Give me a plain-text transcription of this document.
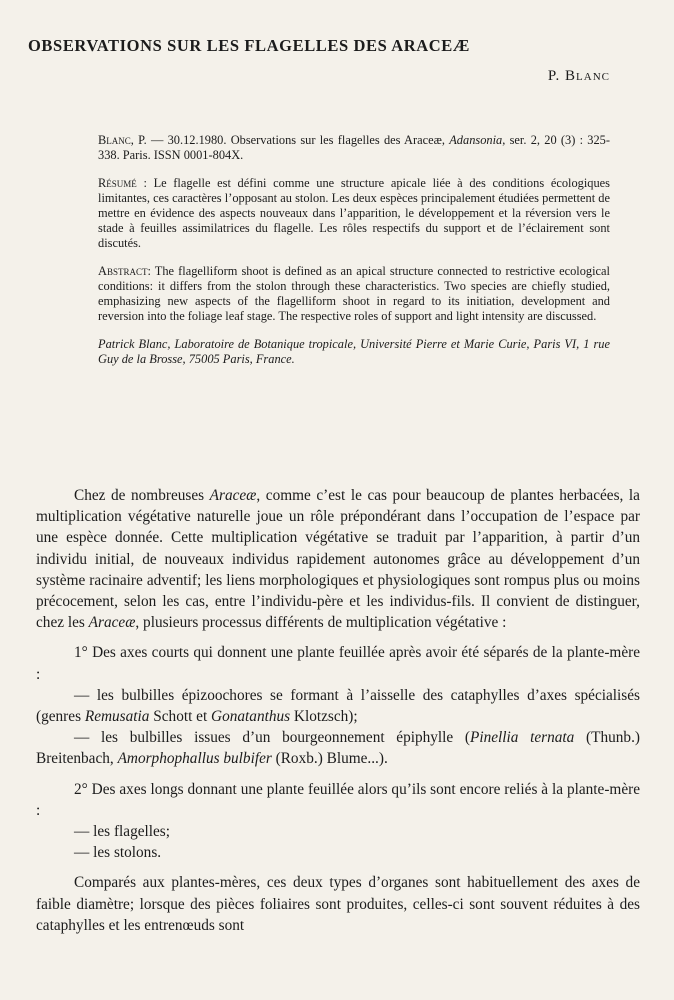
OBSERVATIONS SUR LES FLAGELLES DES ARACEÆ
P. Blanc

Blanc, P. — 30.12.1980. Observations sur les flagelles des Araceæ, Adansonia, ser. 2, 20 (3) : 325-338. Paris. ISSN 0001-804X.

Résumé : Le flagelle est défini comme une structure apicale liée à des conditions écologiques limitantes, ces caractères l’opposant au stolon. Les deux espèces principalement étudiées permettent de mettre en évidence des aspects nouveaux dans l’apparition, le développement et la réversion vers le stade à feuilles assimilatrices du flagelle. Les rôles respectifs du support et de l’éclairement sont discutés.

Abstract: The flagelliform shoot is defined as an apical structure connected to restrictive ecological conditions: it differs from the stolon through these characteristics. Two species are chiefly studied, emphasizing new aspects of the flagelliform shoot in regard to its initiation, development and reversion into the foliage leaf stage. The respective roles of support and light intensity are discussed.

Patrick Blanc, Laboratoire de Botanique tropicale, Université Pierre et Marie Curie, Paris VI, 1 rue Guy de la Brosse, 75005 Paris, France.

Chez de nombreuses Araceæ, comme c’est le cas pour beaucoup de plantes herbacées, la multiplication végétative naturelle joue un rôle prépondérant dans l’occupation de l’espace par une espèce donnée. Cette multiplication végétative se traduit par l’apparition, à partir d’un individu initial, de nouveaux individus rapidement autonomes grâce au développement d’un système racinaire adventif; les liens morphologiques et physiologiques sont rompus plus ou moins précocement, selon les cas, entre l’individu-père et les individus-fils. Il convient de distinguer, chez les Araceæ, plusieurs processus différents de multiplication végétative :

1° Des axes courts qui donnent une plante feuillée après avoir été séparés de la plante-mère :

— les bulbilles épizoochores se formant à l’aisselle des cataphylles d’axes spécialisés (genres Remusatia Schott et Gonatanthus Klotzsch);

— les bulbilles issues d’un bourgeonnement épiphylle (Pinellia ternata (Thunb.) Breitenbach, Amorphophallus bulbifer (Roxb.) Blume...).

2° Des axes longs donnant une plante feuillée alors qu’ils sont encore reliés à la plante-mère :

— les flagelles;

— les stolons.

Comparés aux plantes-mères, ces deux types d’organes sont habituellement des axes de faible diamètre; lorsque des pièces foliaires sont produites, celles-ci sont souvent réduites à des cataphylles et les entrenœuds sont
